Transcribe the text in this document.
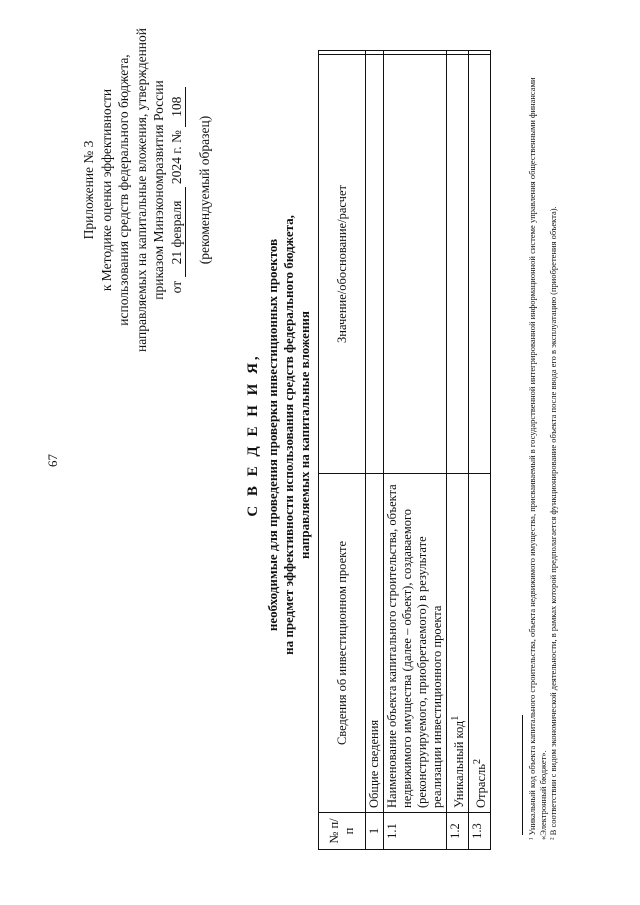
67
Приложение № 3 к Методике оценки эффективности использования средств федерального бюджета, направляемых на капитальные вложения, утвержденной приказом Минэкономразвития России от 21 февраля 2024 г. № 108
(рекомендуемый образец)
С В Е Д Е Н И Я, необходимые для проведения проверки инвестиционных проектов на предмет эффективности использования средств федерального бюджета, направляемых на капитальные вложения
№ п/п	Сведения об инвестиционном проекте	Значение/обоснование/расчет	
1	Общие сведения		
1.1	Наименование объекта капитального строительства, объекта недвижимого имущества (далее – объект), создаваемого (реконструируемого, приобретаемого) в результате реализации инвестиционного проекта		
1.2	Уникальный код$^1$		
1.3	Отрасль$^2$			¹ Уникальный код объекта капитального строительства, объекта недвижимого имущества, присваиваемый в государственной интегрированной информационной системе управления общественными финансами «Электронный бюджет». ² В соответствии с видом экономической деятельности, в рамках которой предполагается функционирование объекта после ввода его в эксплуатацию (приобретения объекта).
